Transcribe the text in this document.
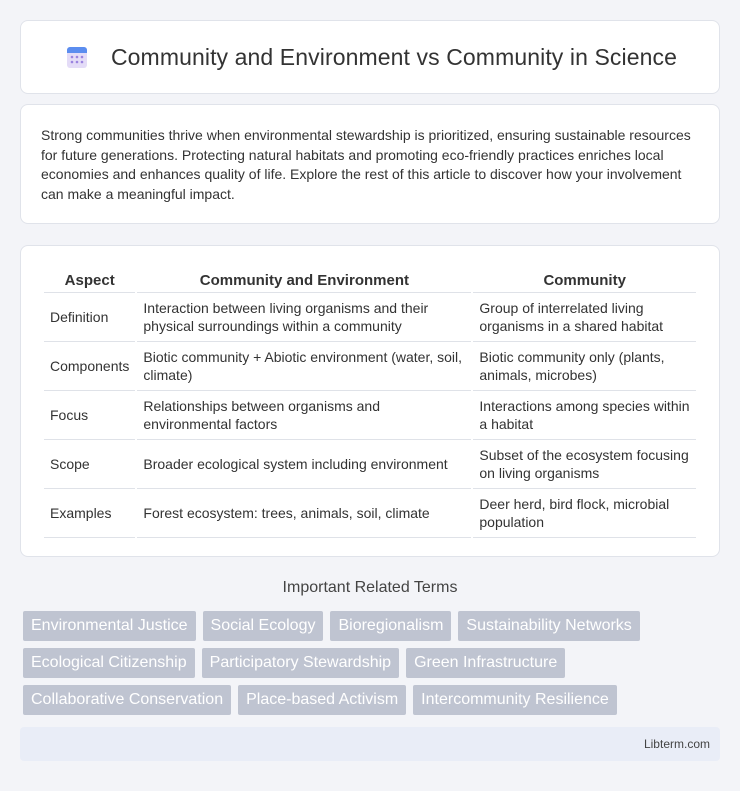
Community and Environment vs Community in Science

Strong communities thrive when environmental stewardship is prioritized, ensuring sustainable resources for future generations. Protecting natural habitats and promoting eco-friendly practices enriches local economies and enhances quality of life. Explore the rest of this article to discover how your involvement can make a meaningful impact.

Aspect	Community and Environment	Community
Definition	Interaction between living organisms and their physical surroundings within a community	Group of interrelated living organisms in a shared habitat
Components	Biotic community + Abiotic environment (water, soil, climate)	Biotic community only (plants, animals, microbes)
Focus	Relationships between organisms and environmental factors	Interactions among species within a habitat
Scope	Broader ecological system including environment	Subset of the ecosystem focusing on living organisms
Examples	Forest ecosystem: trees, animals, soil, climate	Deer herd, bird flock, microbial population
Important Related Terms
Environmental Justice	Social Ecology	Bioregionalism	Sustainability Networks
Ecological Citizenship	Participatory Stewardship	Green Infrastructure
Collaborative Conservation	Place-based Activism	Intercommunity Resilience
Libterm.com
